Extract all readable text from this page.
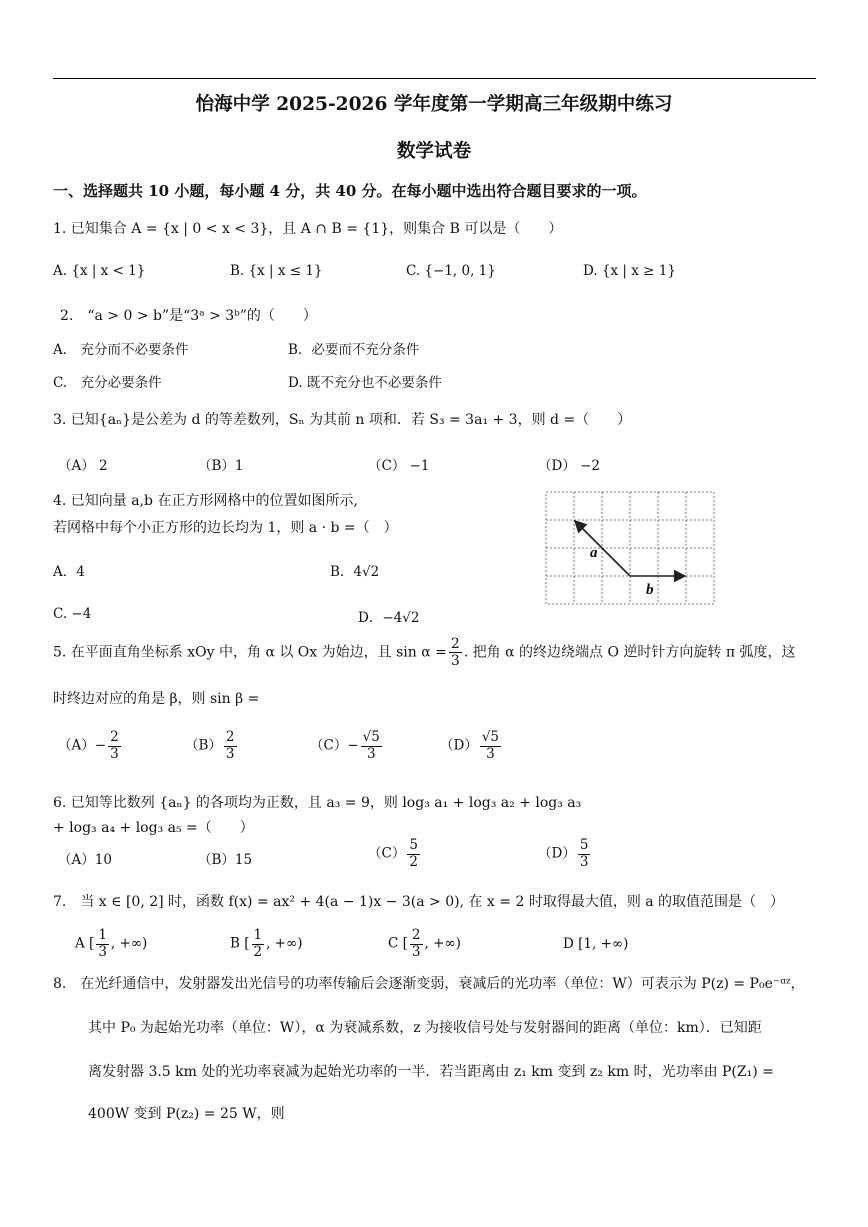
怡海中学 2025-2026 学年度第一学期高三年级期中练习
数学试卷
一、选择题共 10 小题，每小题 4 分，共 40 分。在每小题中选出符合题目要求的一项。
1. 已知集合 A = {x | 0 < x < 3}，且 A ∩ B = {1}，则集合 B 可以是（　　）
A. {x | x < 1}	B. {x | x ≤ 1}	C. {−1, 0, 1}	D. {x | x ≥ 1}
2.　“a > 0 > b”是“3ᵃ > 3ᵇ”的（　　）
A.　充分而不必要条件	B．必要而不充分条件
C.　充分必要条件	D. 既不充分也不必要条件
3. 已知{aₙ}是公差为 d 的等差数列，Sₙ 为其前 n 项和．若 S₃ = 3a₁ + 3，则 d =（　　）
（A） 2	（B）1	（C） −1	（D） −2
4. 已知向量 a,b 在正方形网格中的位置如图所示,
若网格中每个小正方形的边长均为 1，则 a · b =（　）
A．4	B．4√2
C. −4	D．−4√2
a
b
5. 在平面直角坐标系 xOy 中，角 α 以 Ox 为始边，且 $\sin \alpha = \frac{2}{3}$ . 把角 α 的终边绕端点 O 逆时针方向旋转 π 弧度，这
时终边对应的角是 β，则 sin β =
$(A)- \frac{2}{3}$	$(B) \frac{2}{3}$	$(C)- \frac{√5}{3}$	$(D) \frac{√5}{3}$
6. 已知等比数列 {aₙ} 的各项均为正数，且 a₃ = 9，则 log₃ a₁ + log₃ a₂ + log₃ a₃
+ log₃ a₄ + log₃ a₅ =（　　）
（A）10	（B）15	$(C) \frac{5}{2}$	$(D) \frac{5}{3}$
7.　当 x ∈ [0, 2] 时，函数 f(x) = ax² + 4(a − 1)x − 3(a > 0), 在 x = 2 时取得最大值，则 a 的取值范围是（　）
A [ $\frac{1}{3}$ , +∞)	B [ $\frac{1}{2}$ , +∞)	C [ $\frac{2}{3}$ , +∞)	D [1, +∞)
8.　在光纤通信中，发射器发出光信号的功率传输后会逐渐变弱，衰减后的光功率（单位：W）可表示为 P(z) = P₀e⁻ᵅᶻ，
其中 P₀ 为起始光功率（单位：W），α 为衰减系数，z 为接收信号处与发射器间的距离（单位：km）．已知距
离发射器 3.5 km 处的光功率衰减为起始光功率的一半．若当距离由 z₁ km 变到 z₂ km 时，光功率由 P(Z₁) =
400W 变到 P(z₂) = 25 W，则
